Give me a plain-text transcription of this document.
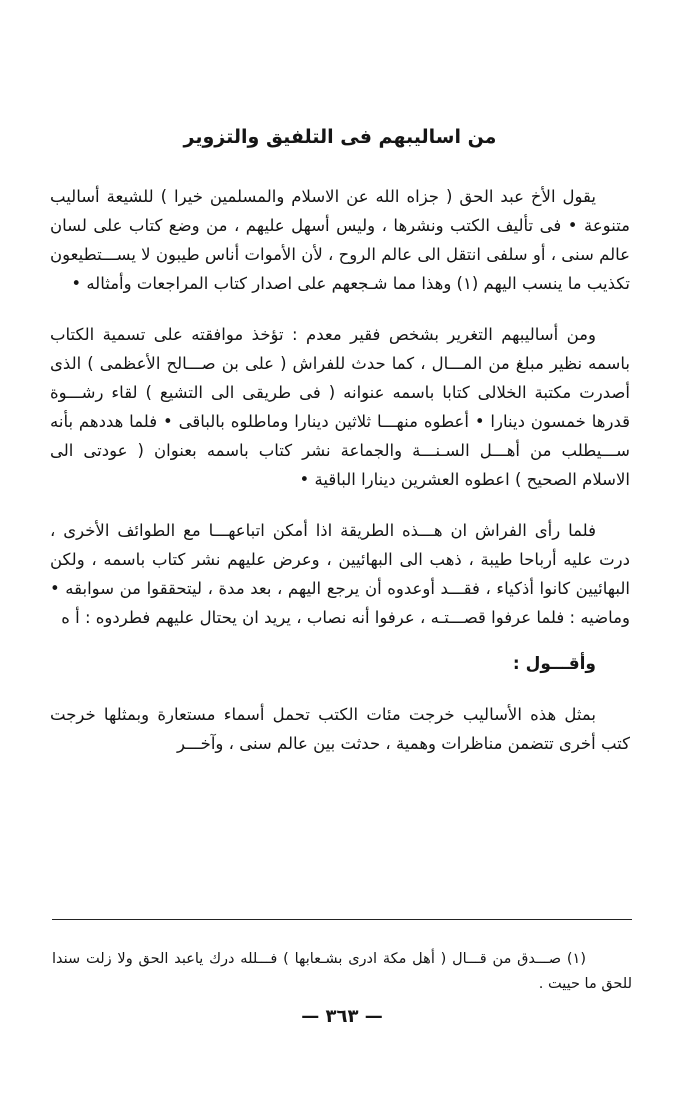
من اساليبهم فى التلفيق والتزوير

يقول الأخ عبد الحق ( جزاه الله عن الاسلام والمسلمين خيرا ) للشيعة أساليب متنوعة • فى تأليف الكتب ونشرها ، وليس أسهل عليهم ، من وضع كتاب على لسان عالم سنى ، أو سلفى انتقل الى عالم الروح ، لأن الأموات أناس طيبون لا يســـتطيعون تكذيب ما ينسب اليهم (١) وهذا مما شـجعهم على اصدار كتاب المراجعات وأمثاله •

ومن أساليبهم التغرير بشخص فقير معدم : تؤخذ موافقته على تسمية الكتاب باسمه نظير مبلغ من المـــال ، كما حدث للفراش ( على بن صـــالح الأعظمى ) الذى أصدرت مكتبة الخلالى كتابا باسمه عنوانه ( فى طريقى الى التشيع ) لقاء رشـــوة قدرها خمسون دينارا • أعطوه منهـــا ثلاثين دينارا وماطلوه بالباقى • فلما هددهم بأنه ســـيطلب من أهـــل السـنـــة والجماعة نشر كتاب باسمه بعنوان ( عودتى الى الاسلام الصحيح ) اعطوه العشرين دينارا الباقية •

فلما رأى الفراش ان هـــذه الطريقة اذا أمكن اتباعهـــا مع الطوائف الأخرى ، درت عليه أرباحا طيبة ، ذهب الى البهائيين ، وعرض عليهم نشر كتاب باسمه ، ولكن البهائيين كانوا أذكياء ، فقـــد أوعدوه أن يرجع اليهم ، بعد مدة ، ليتحققوا من سوابقه • وماضيه : فلما عرفوا قصـــتـه ، عرفوا أنه نصاب ، يريد ان يحتال عليهم فطردوه : أ ه

وأقـــول :

بمثل هذه الأساليب خرجت مئات الكتب تحمل أسماء مستعارة وبمثلها خرجت كتب أخرى تتضمن مناظرات وهمية ، حدثت بين عالم سنى ، وآخـــر

(١) صـــدق من قـــال ( أهل مكة ادرى بشـعابها ) فـــلله درك ياعبد الحق ولا زلت سندا للحق ما حييت .

— ٣٦٣ —
